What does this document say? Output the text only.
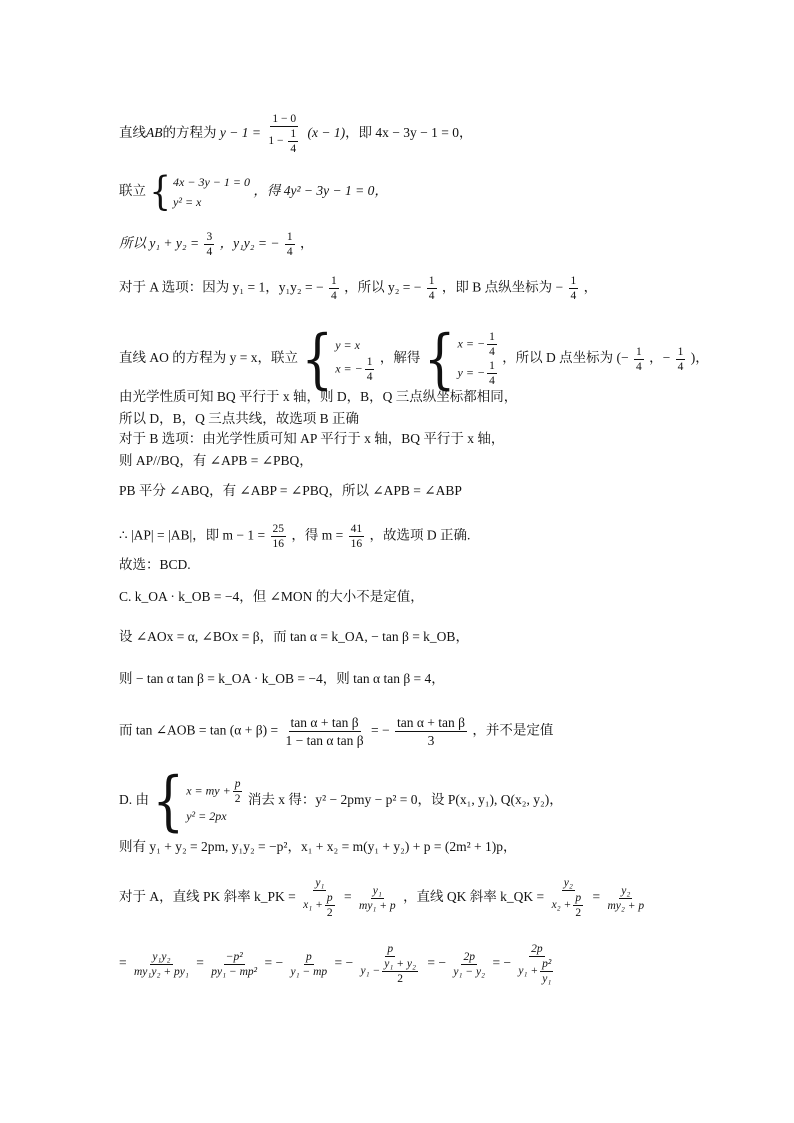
直线AB的方程为 $y - 1 = \frac{1 - 0}{1 - \frac{1}{4}} (x - 1)$，即 4x − 3y − 1 = 0，
联立 { 4x − 3y − 1 = 0
y² = x
，得 4y² − 3y − 1 = 0，
所以 $y_1 + y_2 = \frac{3}{4}$ ，y₁y₂ = − $\frac{1}{4}$ ，
对于 A 选项：因为 y₁ = 1，y₁y₂ = − $\frac{1}{4}$ ，所以 y₂ = − $\frac{1}{4}$ ，即 B 点纵坐标为 − $\frac{1}{4}$ ，
直线 AO 的方程为 y = x，联立 { y = x
x = − $\frac{1}{4}$ ，解得 { x = − $\frac{1}{4}$
y = − $\frac{1}{4}$
，所以 D 点坐标为 (− $\frac{1}{4}$ ，− $\frac{1}{4}$ )，
由光学性质可知 BQ 平行于 x 轴，则 D，B，Q 三点纵坐标都相同，
所以 D，B，Q 三点共线，故选项 B 正确
对于 B 选项：由光学性质可知 AP 平行于 x 轴，BQ 平行于 x 轴，
则 AP//BQ，有 ∠APB = ∠PBQ，
PB 平分 ∠ABQ，有 ∠ABP = ∠PBQ，所以 ∠APB = ∠ABP
∴ |AP| = |AB|，即 $m - 1 = \frac{25}{16}$ ，得 $m = \frac{41}{16}$ ，故选项 D 正确.
故选：BCD.
C. k_OA · k_OB = −4，但 ∠MON 的大小不是定值，
设 ∠AOx = α, ∠BOx = β，而 tan α = k_OA, − tan β = k_OB，
则 − tan α tan β = k_OA · k_OB = −4，则 tan α tan β = 4，
而 tan ∠AOB = $\tan (\alpha + \beta) = \frac{\text{tan α + tan β}}{\text{1 − tan α tan β}}$ = − $\frac{\text{tan α + tan β}}{3}$ ，并不是定值
D. 由 { x = my + $\frac{p}{2}$
y² = 2px
消去 x 得：y² − 2pmy − p² = 0，设 P(x₁, y₁), Q(x₂, y₂)，
则有 y₁ + y₂ = 2pm, y₁y₂ = −p²，x₁ + x₂ = m(y₁ + y₂) + p = (2m² + 1)p，
对于 A，直线 PK 斜率 k_PK = $\frac{\text{y₁}}{x_1 + \frac{p}{2}} = \frac{\text{y₁}}{\text{my₁ + p}}$ ，直线 QK 斜率 k_QK = $\frac{\text{y₂}}{x_2 + \frac{p}{2}} = \frac{\text{y₂}}{\text{my₂ + p}}$
= $\frac{\text{y₁y₂}}{\text{my₁y₂ + py₁}} = \frac{\text{−p²}}{\text{py₁ − mp²}}$ = − $\frac{p}{\text{y₁ − mp}}$ = − $\frac{p}{y_1 - \frac{\text{y₁ + y₂}}{2}}$ = − $\frac{2p}{\text{y₁ − y₂}}$ = − $\frac{2p}{y_1 + \frac{\text{p²}}{\text{y₁}}}$
